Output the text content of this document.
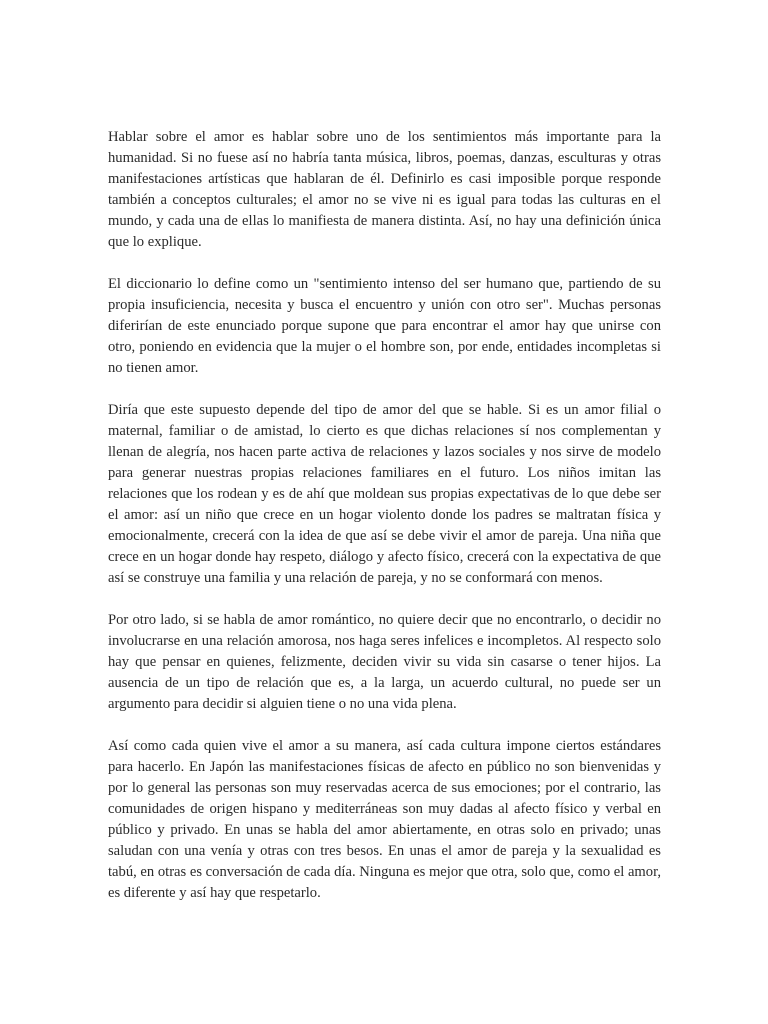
Hablar sobre el amor es hablar sobre uno de los sentimientos más importante para la humanidad. Si no fuese así no habría tanta música, libros, poemas, danzas, esculturas y otras manifestaciones artísticas que hablaran de él. Definirlo es casi imposible porque responde también a conceptos culturales; el amor no se vive ni es igual para todas las culturas en el mundo, y cada una de ellas lo manifiesta de manera distinta. Así, no hay una definición única que lo explique.

El diccionario lo define como un "sentimiento intenso del ser humano que, partiendo de su propia insuficiencia, necesita y busca el encuentro y unión con otro ser". Muchas personas diferirían de este enunciado porque supone que para encontrar el amor hay que unirse con otro, poniendo en evidencia que la mujer o el hombre son, por ende, entidades incompletas si no tienen amor.

Diría que este supuesto depende del tipo de amor del que se hable. Si es un amor filial o maternal, familiar o de amistad, lo cierto es que dichas relaciones sí nos complementan y llenan de alegría, nos hacen parte activa de relaciones y lazos sociales y nos sirve de modelo para generar nuestras propias relaciones familiares en el futuro. Los niños imitan las relaciones que los rodean y es de ahí que moldean sus propias expectativas de lo que debe ser el amor: así un niño que crece en un hogar violento donde los padres se maltratan física y emocionalmente, crecerá con la idea de que así se debe vivir el amor de pareja. Una niña que crece en un hogar donde hay respeto, diálogo y afecto físico, crecerá con la expectativa de que así se construye una familia y una relación de pareja, y no se conformará con menos.

Por otro lado, si se habla de amor romántico, no quiere decir que no encontrarlo, o decidir no involucrarse en una relación amorosa, nos haga seres infelices e incompletos. Al respecto solo hay que pensar en quienes, felizmente, deciden vivir su vida sin casarse o tener hijos. La ausencia de un tipo de relación que es, a la larga, un acuerdo cultural, no puede ser un argumento para decidir si alguien tiene o no una vida plena.

Así como cada quien vive el amor a su manera, así cada cultura impone ciertos estándares para hacerlo. En Japón las manifestaciones físicas de afecto en público no son bienvenidas y por lo general las personas son muy reservadas acerca de sus emociones; por el contrario, las comunidades de origen hispano y mediterráneas son muy dadas al afecto físico y verbal en público y privado. En unas se habla del amor abiertamente, en otras solo en privado; unas saludan con una venía y otras con tres besos. En unas el amor de pareja y la sexualidad es tabú, en otras es conversación de cada día. Ninguna es mejor que otra, solo que, como el amor, es diferente y así hay que respetarlo.
